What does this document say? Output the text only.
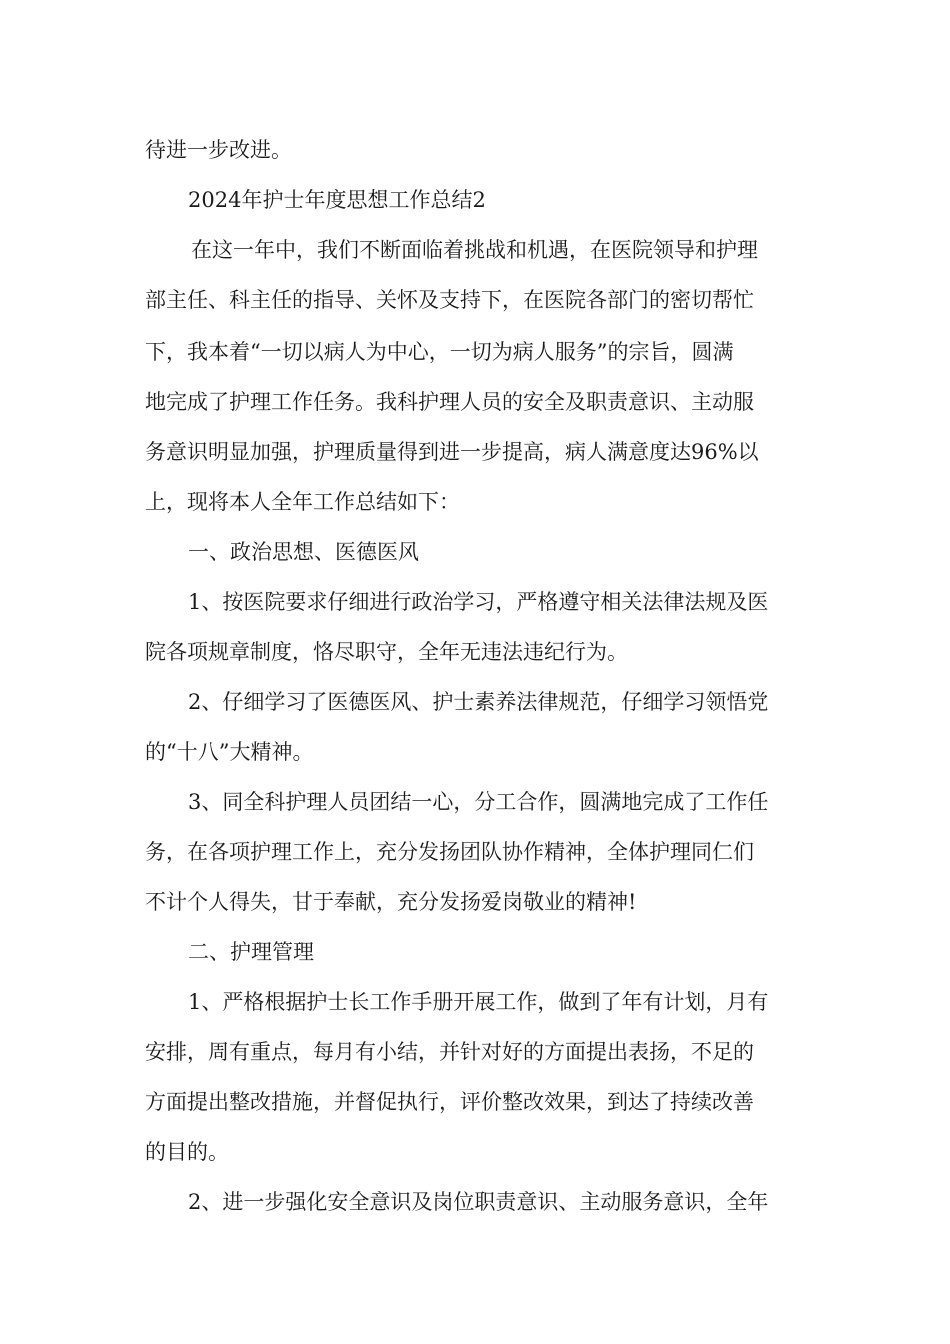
待进一步改进。
2024年护士年度思想工作总结2
在这一年中，我们不断面临着挑战和机遇，在医院领导和护理
部主任、科主任的指导、关怀及支持下，在医院各部门的密切帮忙
下，我本着“一切以病人为中心，一切为病人服务”的宗旨，圆满
地完成了护理工作任务。我科护理人员的安全及职责意识、主动服
务意识明显加强，护理质量得到进一步提高，病人满意度达96%以
上，现将本人全年工作总结如下：
一、政治思想、医德医风
1、按医院要求仔细进行政治学习，严格遵守相关法律法规及医
院各项规章制度，恪尽职守，全年无违法违纪行为。
2、仔细学习了医德医风、护士素养法律规范，仔细学习领悟党
的“十八”大精神。
3、同全科护理人员团结一心，分工合作，圆满地完成了工作任
务，在各项护理工作上，充分发扬团队协作精神，全体护理同仁们
不计个人得失，甘于奉献，充分发扬爱岗敬业的精神!
二、护理管理
1、严格根据护士长工作手册开展工作，做到了年有计划，月有
安排，周有重点，每月有小结，并针对好的方面提出表扬，不足的
方面提出整改措施，并督促执行，评价整改效果，到达了持续改善
的目的。
2、进一步强化安全意识及岗位职责意识、主动服务意识，全年
